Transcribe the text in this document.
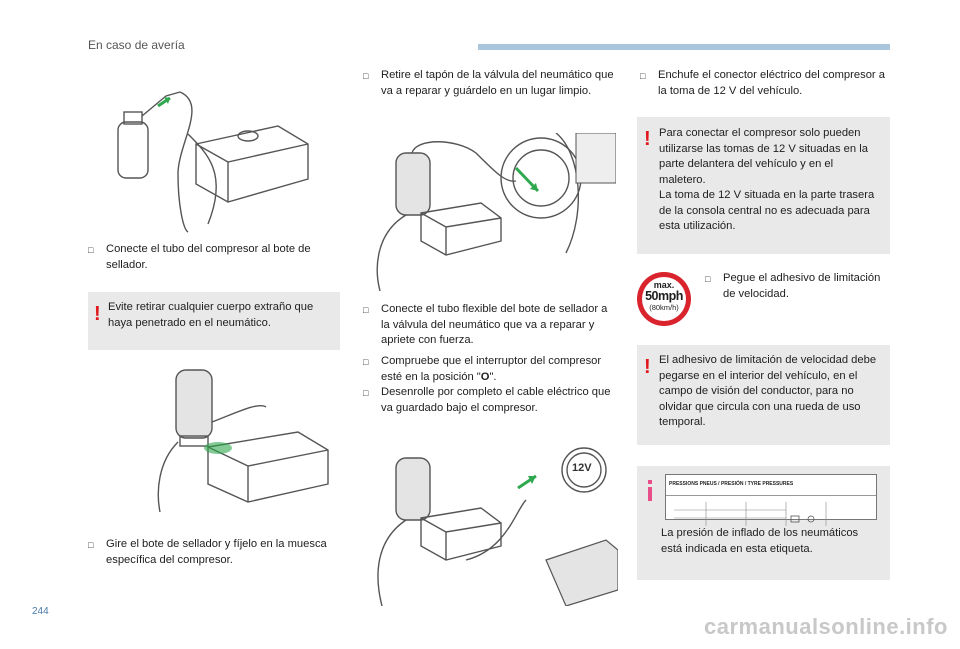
En caso de avería
□	Conecte el tubo del compresor al bote de sellador.
! Evite retirar cualquier cuerpo extraño que haya penetrado en el neumático.
□	Gire el bote de sellador y fíjelo en la muesca específica del compresor.
□	Retire el tapón de la válvula del neumático que va a reparar y guárdelo en un lugar limpio.
□	Conecte el tubo flexible del bote de sellador a la válvula del neumático que va a reparar y apriete con fuerza.
□	Compruebe que el interruptor del compresor esté en la posición "O".
□	Desenrolle por completo el cable eléctrico que va guardado bajo el compresor.
12V
□	Enchufe el conector eléctrico del compresor a la toma de 12 V del vehículo.
! Para conectar el compresor solo pueden utilizarse las tomas de 12 V situadas en la parte delantera del vehículo y en el maletero.
La toma de 12 V situada en la parte trasera de la consola central no es adecuada para esta utilización.
max.
50mph
(80km/h)
□	Pegue el adhesivo de limitación de velocidad.
! El adhesivo de limitación de velocidad debe pegarse en el interior del vehículo, en el campo de visión del conductor, para no olvidar que circula con una rueda de uso temporal.
PRESSIONS PNEUS / PRESIÓN / TYRE PRESSURES
La presión de inflado de los neumáticos está indicada en esta etiqueta.
244
carmanualsonline.info
